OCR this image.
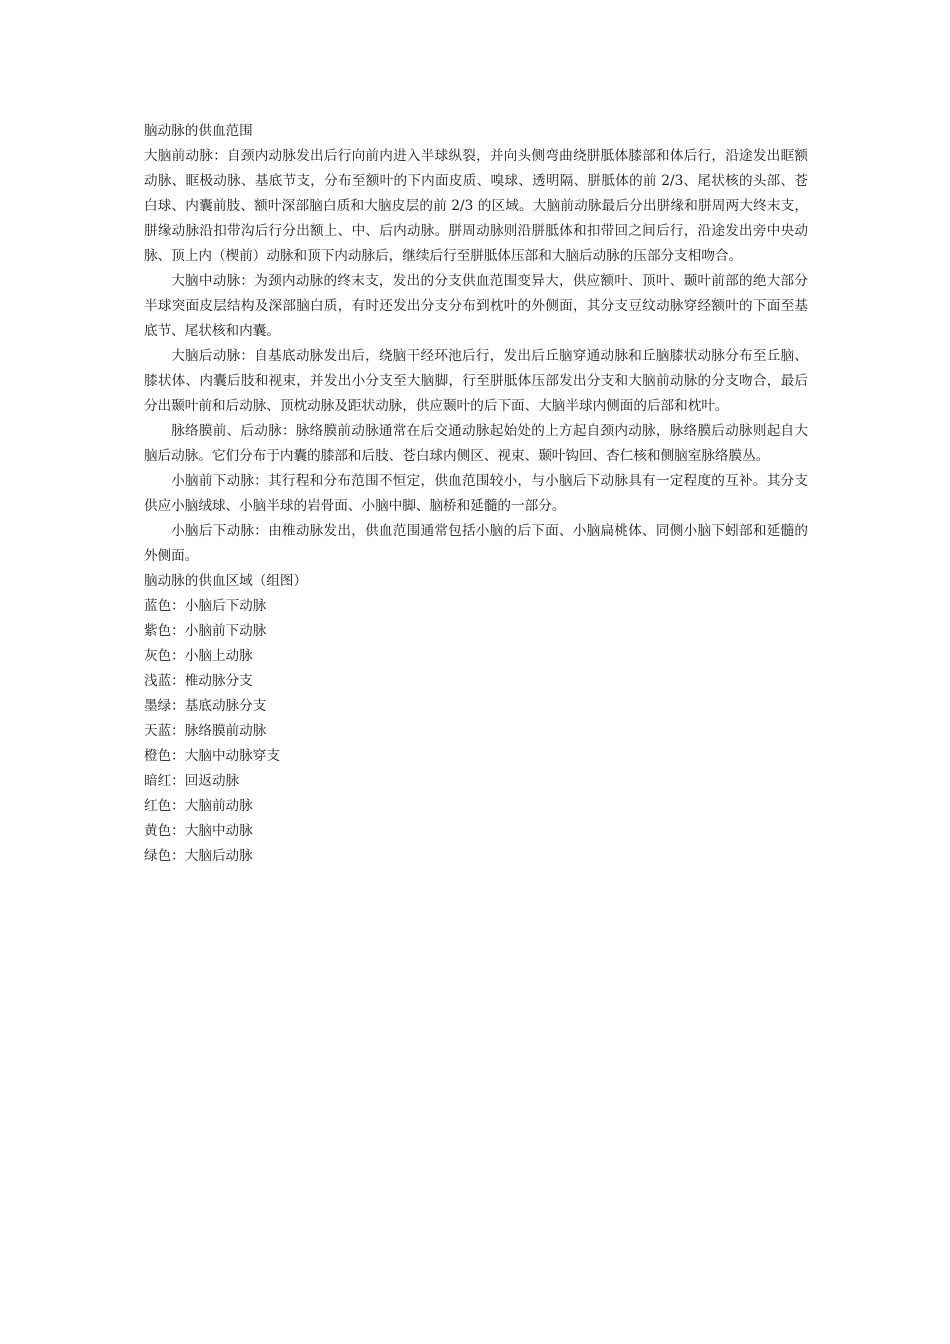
脑动脉的供血范围

大脑前动脉：自颈内动脉发出后行向前内进入半球纵裂，并向头侧弯曲绕胼胝体膝部和体后行，沿途发出眶额动脉、眶极动脉、基底节支，分布至额叶的下内面皮质、嗅球、透明隔、胼胝体的前 2/3、尾状核的头部、苍白球、内囊前肢、额叶深部脑白质和大脑皮层的前 2/3 的区域。大脑前动脉最后分出胼缘和胼周两大终末支，胼缘动脉沿扣带沟后行分出额上、中、后内动脉。胼周动脉则沿胼胝体和扣带回之间后行，沿途发出旁中央动脉、顶上内（楔前）动脉和顶下内动脉后，继续后行至胼胝体压部和大脑后动脉的压部分支相吻合。

大脑中动脉：为颈内动脉的终末支，发出的分支供血范围变异大，供应额叶、顶叶、颞叶前部的绝大部分半球突面皮层结构及深部脑白质，有时还发出分支分布到枕叶的外侧面，其分支豆纹动脉穿经额叶的下面至基底节、尾状核和内囊。

大脑后动脉：自基底动脉发出后，绕脑干经环池后行，发出后丘脑穿通动脉和丘脑膝状动脉分布至丘脑、膝状体、内囊后肢和视束，并发出小分支至大脑脚，行至胼胝体压部发出分支和大脑前动脉的分支吻合，最后分出颞叶前和后动脉、顶枕动脉及距状动脉，供应颞叶的后下面、大脑半球内侧面的后部和枕叶。

脉络膜前、后动脉：脉络膜前动脉通常在后交通动脉起始处的上方起自颈内动脉，脉络膜后动脉则起自大脑后动脉。它们分布于内囊的膝部和后肢、苍白球内侧区、视束、颞叶钩回、杏仁核和侧脑室脉络膜丛。

小脑前下动脉：其行程和分布范围不恒定，供血范围较小，与小脑后下动脉具有一定程度的互补。其分支供应小脑绒球、小脑半球的岩骨面、小脑中脚、脑桥和延髓的一部分。

小脑后下动脉：由椎动脉发出，供血范围通常包括小脑的后下面、小脑扁桃体、同侧小脑下蚓部和延髓的外侧面。

脑动脉的供血区域（组图）

蓝色：小脑后下动脉

紫色：小脑前下动脉

灰色：小脑上动脉

浅蓝：椎动脉分支

墨绿：基底动脉分支

天蓝：脉络膜前动脉

橙色：大脑中动脉穿支

暗红：回返动脉

红色：大脑前动脉

黄色：大脑中动脉

绿色：大脑后动脉
